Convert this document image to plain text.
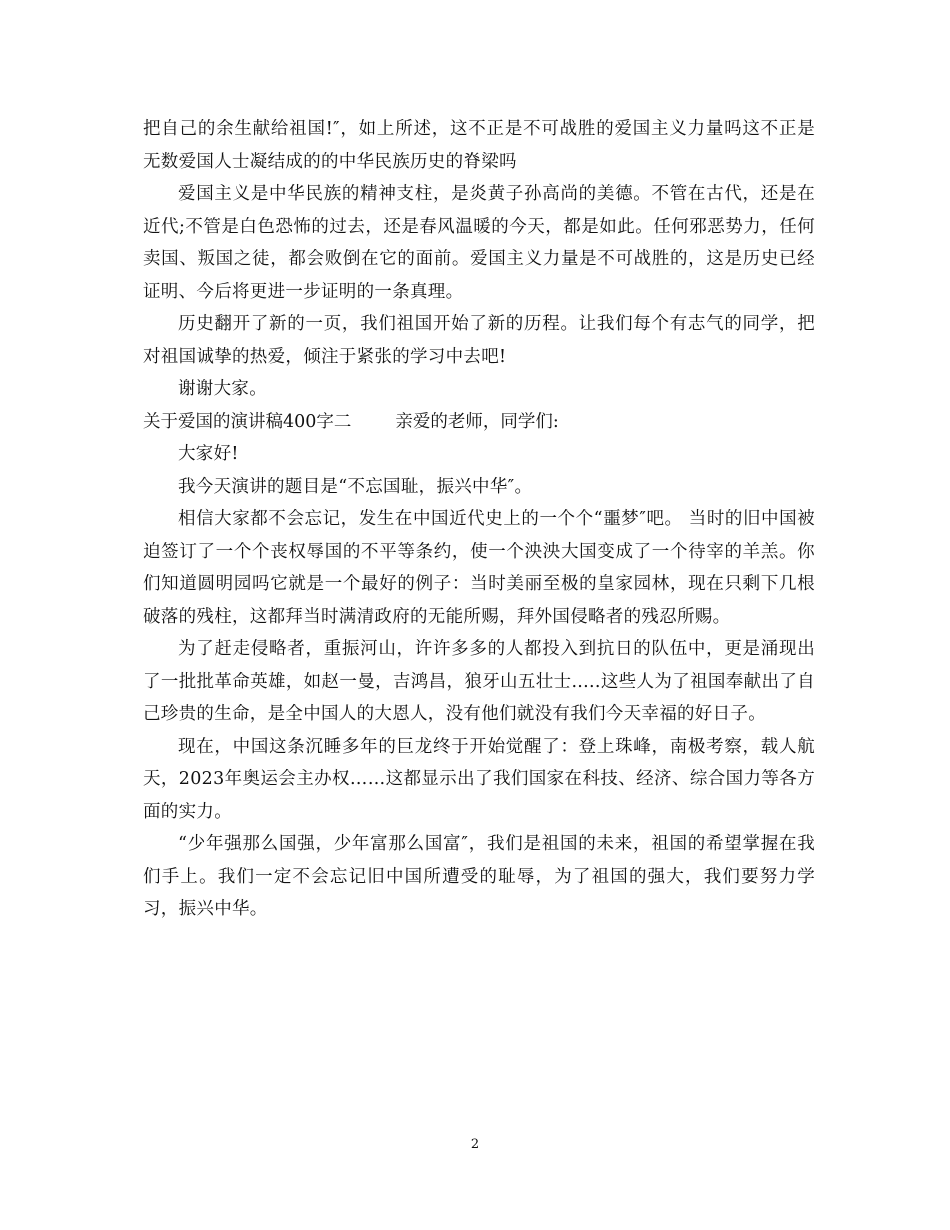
把自己的余生献给祖国!″，如上所述，这不正是不可战胜的爱国主义力量吗这不正是无数爱国人士凝结成的的中华民族历史的脊梁吗

爱国主义是中华民族的精神支柱，是炎黄子孙高尚的美德。不管在古代，还是在近代;不管是白色恐怖的过去，还是春风温暖的今天，都是如此。任何邪恶势力，任何卖国、叛国之徒，都会败倒在它的面前。爱国主义力量是不可战胜的，这是历史已经证明、今后将更进一步证明的一条真理。

历史翻开了新的一页，我们祖国开始了新的历程。让我们每个有志气的同学，把对祖国诚挚的热爱，倾注于紧张的学习中去吧!

谢谢大家。

关于爱国的演讲稿400字二	亲爱的老师，同学们:

大家好!

我今天演讲的题目是“不忘国耻，振兴中华″。

相信大家都不会忘记，发生在中国近代史上的一个个“噩梦″吧。 当时的旧中国被迫签订了一个个丧权辱国的不平等条约，使一个泱泱大国变成了一个待宰的羊羔。你们知道圆明园吗它就是一个最好的例子：当时美丽至极的皇家园林，现在只剩下几根破落的残柱，这都拜当时满清政府的无能所赐，拜外国侵略者的残忍所赐。

为了赶走侵略者，重振河山，许许多多的人都投入到抗日的队伍中，更是涌现出了一批批革命英雄，如赵一曼，吉鸿昌，狼牙山五壮士.....这些人为了祖国奉献出了自己珍贵的生命，是全中国人的大恩人，没有他们就没有我们今天幸福的好日子。

现在，中国这条沉睡多年的巨龙终于开始觉醒了：登上珠峰，南极考察，载人航天，2023年奥运会主办权……这都显示出了我们国家在科技、经济、综合国力等各方面的实力。

“少年强那么国强，少年富那么国富″，我们是祖国的未来，祖国的希望掌握在我们手上。我们一定不会忘记旧中国所遭受的耻辱，为了祖国的强大，我们要努力学习，振兴中华。

2
